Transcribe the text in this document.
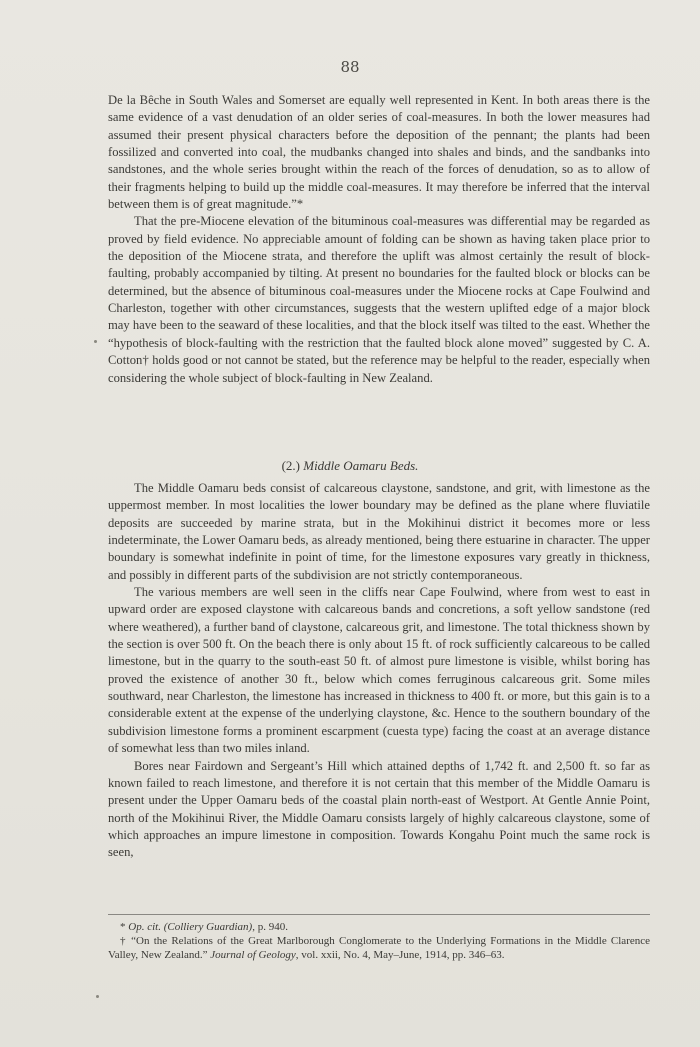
88

De la Bêche in South Wales and Somerset are equally well represented in Kent. In both areas there is the same evidence of a vast denudation of an older series of coal-measures. In both the lower measures had assumed their present physical characters before the deposition of the pennant; the plants had been fossilized and converted into coal, the mudbanks changed into shales and binds, and the sandbanks into sandstones, and the whole series brought within the reach of the forces of denudation, so as to allow of their fragments helping to build up the middle coal-measures. It may therefore be inferred that the interval between them is of great magnitude.”*

That the pre-Miocene elevation of the bituminous coal-measures was differential may be regarded as proved by field evidence. No appreciable amount of folding can be shown as having taken place prior to the deposition of the Miocene strata, and therefore the uplift was almost certainly the result of block-faulting, probably accompanied by tilting. At present no boundaries for the faulted block or blocks can be determined, but the absence of bituminous coal-measures under the Miocene rocks at Cape Foulwind and Charleston, together with other circumstances, suggests that the western uplifted edge of a major block may have been to the seaward of these localities, and that the block itself was tilted to the east. Whether the “hypothesis of block-faulting with the restriction that the faulted block alone moved” suggested by C. A. Cotton† holds good or not cannot be stated, but the reference may be helpful to the reader, especially when considering the whole subject of block-faulting in New Zealand.

(2.) Middle Oamaru Beds.

The Middle Oamaru beds consist of calcareous claystone, sandstone, and grit, with limestone as the uppermost member. In most localities the lower boundary may be defined as the plane where fluviatile deposits are succeeded by marine strata, but in the Mokihinui district it becomes more or less indeterminate, the Lower Oamaru beds, as already mentioned, being there estuarine in character. The upper boundary is somewhat indefinite in point of time, for the limestone exposures vary greatly in thickness, and possibly in different parts of the subdivision are not strictly contemporaneous.

The various members are well seen in the cliffs near Cape Foulwind, where from west to east in upward order are exposed claystone with calcareous bands and concretions, a soft yellow sandstone (red where weathered), a further band of claystone, calcareous grit, and limestone. The total thickness shown by the section is over 500 ft. On the beach there is only about 15 ft. of rock sufficiently calcareous to be called limestone, but in the quarry to the south-east 50 ft. of almost pure limestone is visible, whilst boring has proved the existence of another 30 ft., below which comes ferruginous calcareous grit. Some miles southward, near Charleston, the limestone has increased in thickness to 400 ft. or more, but this gain is to a considerable extent at the expense of the underlying claystone, &c. Hence to the southern boundary of the subdivision limestone forms a prominent escarpment (cuesta type) facing the coast at an average distance of somewhat less than two miles inland.

Bores near Fairdown and Sergeant’s Hill which attained depths of 1,742 ft. and 2,500 ft. so far as known failed to reach limestone, and therefore it is not certain that this member of the Middle Oamaru is present under the Upper Oamaru beds of the coastal plain north-east of Westport. At Gentle Annie Point, north of the Mokihinui River, the Middle Oamaru consists largely of highly calcareous claystone, some of which approaches an impure limestone in composition. Towards Kongahu Point much the same rock is seen,

* Op. cit. (Colliery Guardian), p. 940.

† “On the Relations of the Great Marlborough Conglomerate to the Underlying Formations in the Middle Clarence Valley, New Zealand.” Journal of Geology, vol. xxii, No. 4, May–June, 1914, pp. 346–63.
